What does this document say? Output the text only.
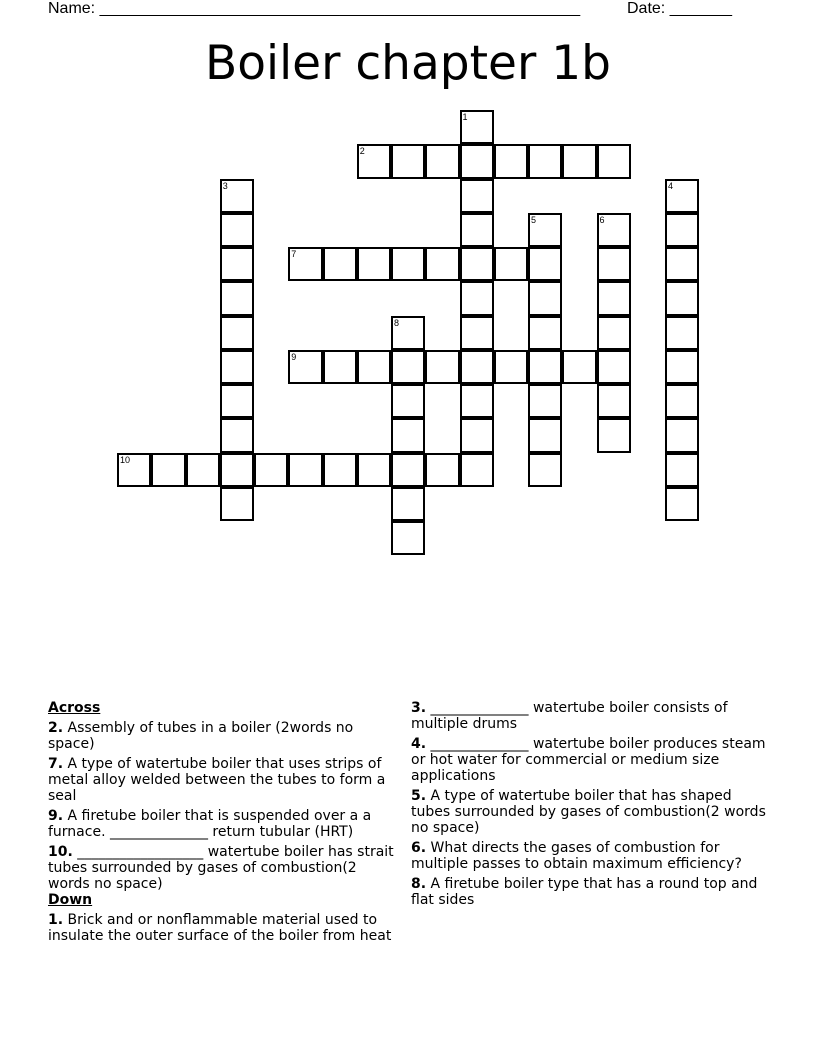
Name: ______________________________________________________	Date: _______
Boiler chapter 1b
1
2
3	4
5	6
7
8
9
10
Across
2. Assembly of tubes in a boiler (2words no space)
7. A type of watertube boiler that uses strips of metal alloy welded between the tubes to form a seal
9. A firetube boiler that is suspended over a a furnace. ______________ return tubular (HRT)
10. __________________ watertube boiler has strait tubes surrounded by gases of combustion(2 words no space)
Down
1. Brick and or nonflammable material used to insulate the outer surface of the boiler from heat
3. ______________ watertube boiler consists of multiple drums
4. ______________ watertube boiler produces steam or hot water for commercial or medium size applications
5. A type of watertube boiler that has shaped tubes surrounded by gases of combustion(2 words no space)
6. What directs the gases of combustion for multiple passes to obtain maximum efficiency?
8. A firetube boiler type that has a round top and flat sides
